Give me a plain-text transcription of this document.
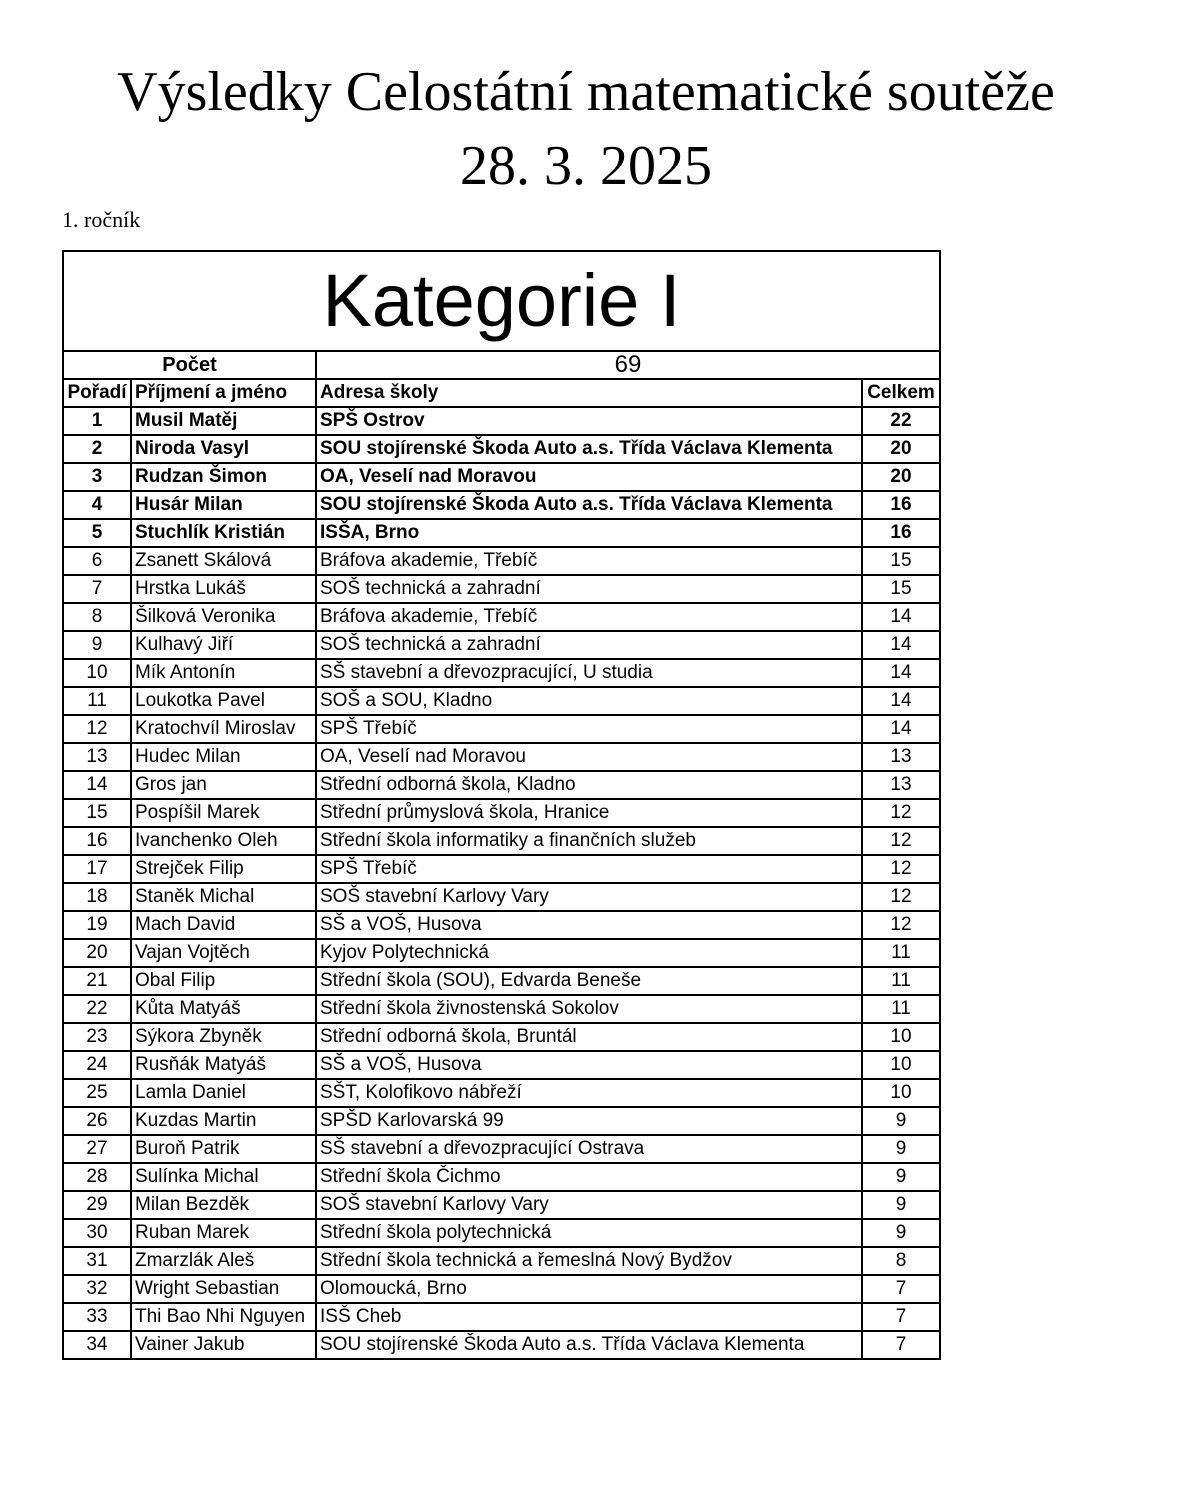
Výsledky Celostátní matematické soutěže
28. 3. 2025
1. ročník
Kategorie I			
Počet		69	
Pořadí	Příjmení a jméno	Adresa školy	Celkem
1	Musil Matěj	SPŠ Ostrov	22
2	Niroda Vasyl	SOU stojírenské Škoda Auto a.s. Třída Václava Klementa	20
3	Rudzan Šimon	OA, Veselí nad Moravou	20
4	Husár Milan	SOU stojírenské Škoda Auto a.s. Třída Václava Klementa	16
5	Stuchlík Kristián	ISŠA, Brno	16
6	Zsanett Skálová	Bráfova akademie, Třebíč	15
7	Hrstka Lukáš	SOŠ technická a zahradní	15
8	Šilková Veronika	Bráfova akademie, Třebíč	14
9	Kulhavý Jiří	SOŠ technická a zahradní	14
10	Mík Antonín	SŠ stavební a dřevozpracující, U studia	14
11	Loukotka Pavel	SOŠ a SOU, Kladno	14
12	Kratochvíl Miroslav	SPŠ Třebíč	14
13	Hudec Milan	OA, Veselí nad Moravou	13
14	Gros jan	Střední odborná škola, Kladno	13
15	Pospíšil Marek	Střední průmyslová škola, Hranice	12
16	Ivanchenko Oleh	Střední škola informatiky a finančních služeb	12
17	Strejček Filip	SPŠ Třebíč	12
18	Staněk Michal	SOŠ stavební Karlovy Vary	12
19	Mach David	SŠ a VOŠ, Husova	12
20	Vajan Vojtěch	Kyjov Polytechnická	11
21	Obal Filip	Střední škola (SOU), Edvarda Beneše	11
22	Kůta Matyáš	Střední škola živnostenská Sokolov	11
23	Sýkora Zbyněk	Střední odborná škola, Bruntál	10
24	Rusňák Matyáš	SŠ a VOŠ, Husova	10
25	Lamla Daniel	SŠT, Kolofikovo nábřeží	10
26	Kuzdas Martin	SPŠD Karlovarská 99	9
27	Buroň Patrik	SŠ stavební a dřevozpracující Ostrava	9
28	Sulínka Michal	Střední škola Čichmo	9
29	Milan Bezděk	SOŠ stavební Karlovy Vary	9
30	Ruban Marek	Střední škola polytechnická	9
31	Zmarzlák Aleš	Střední škola technická a řemeslná Nový Bydžov	8
32	Wright Sebastian	Olomoucká, Brno	7
33	Thi Bao Nhi Nguyen	ISŠ Cheb	7
34	Vainer Jakub	SOU stojírenské Škoda Auto a.s. Třída Václava Klementa	7
